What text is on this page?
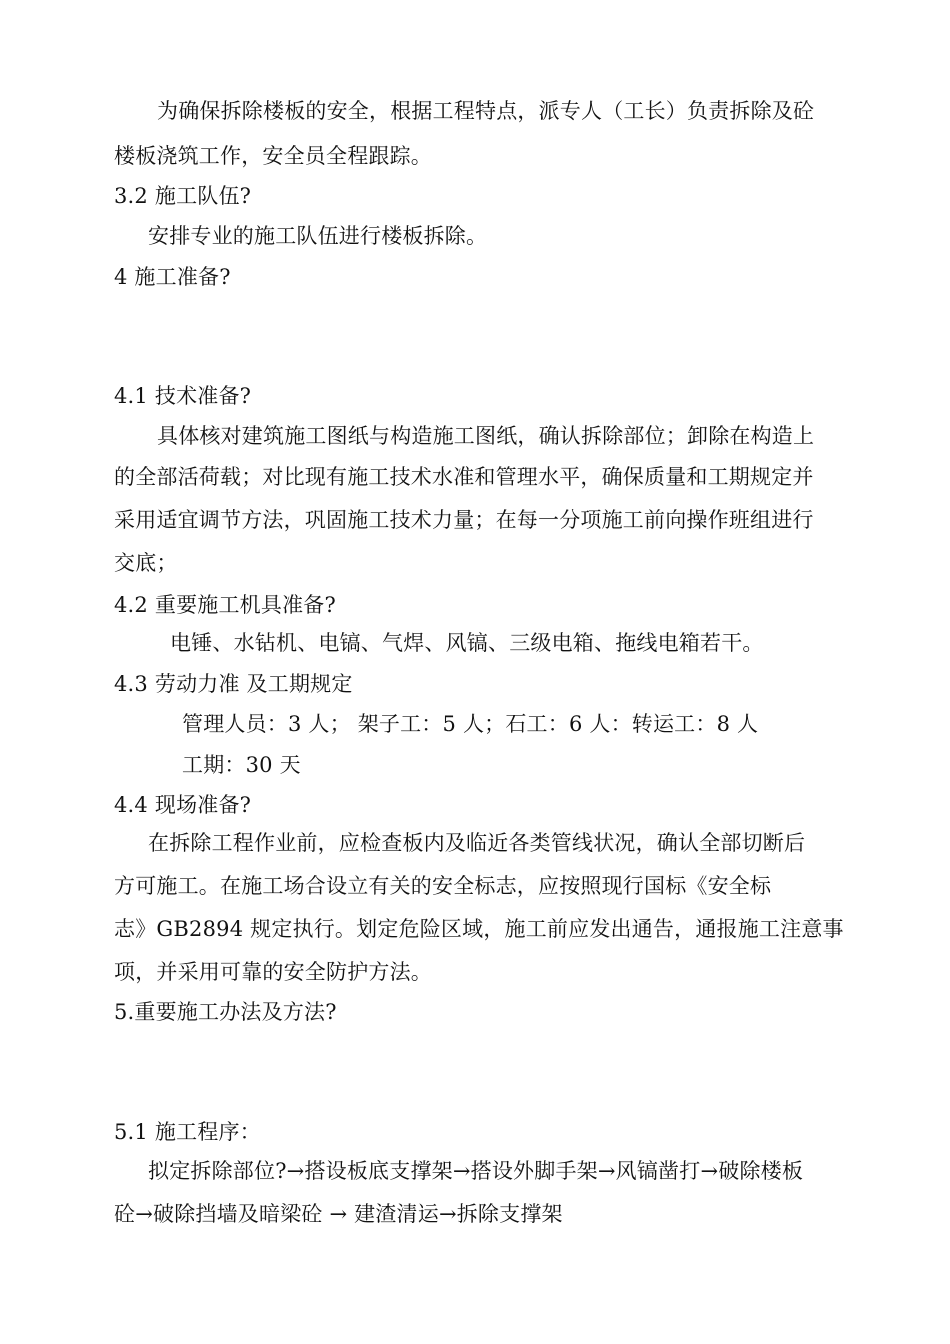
为确保拆除楼板的安全，根据工程特点，派专人（工长）负责拆除及砼
楼板浇筑工作，安全员全程跟踪。
3.2 施工队伍?
安排专业的施工队伍进行楼板拆除。
4 施工准备?
4.1 技术准备?
具体核对建筑施工图纸与构造施工图纸，确认拆除部位；卸除在构造上
的全部活荷载；对比现有施工技术水准和管理水平，确保质量和工期规定并
采用适宜调节方法，巩固施工技术力量；在每一分项施工前向操作班组进行
交底；
4.2 重要施工机具准备?
电锤、水钻机、电镐、气焊、风镐、三级电箱、拖线电箱若干。
4.3 劳动力准 及工期规定
管理人员：3 人； 架子工：5 人；石工：6 人：转运工：8 人
工期：30 天
4.4 现场准备?
在拆除工程作业前，应检查板内及临近各类管线状况，确认全部切断后
方可施工。在施工场合设立有关的安全标志，应按照现行国标《安全标
志》GB2894 规定执行。划定危险区域，施工前应发出通告，通报施工注意事
项，并采用可靠的安全防护方法。
5.重要施工办法及方法?
5.1 施工程序：
拟定拆除部位?→搭设板底支撑架→搭设外脚手架→风镐凿打→破除楼板
砼→破除挡墙及暗梁砼 → 建渣清运→拆除支撑架
